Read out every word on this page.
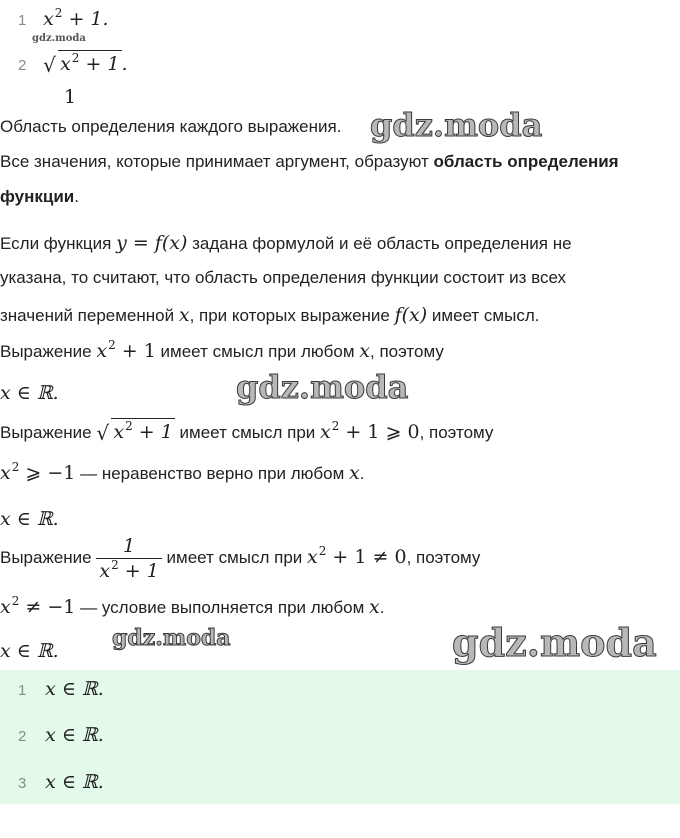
1 $x^2 + 1$.
gdz.moda
2 √ $x^2 + 1$ .
1
Область определения каждого выражения. gdz.moda
Все значения, которые принимает аргумент, образуют область определения
функции.
Если функция y = f(x) задана формулой и её область определения не
указана, то считают, что область определения функции состоит из всех
значений переменной x, при которых выражение f(x) имеет смысл.
Выражение $x^2 + 1$ имеет смысл при любом x, поэтому
x ∈ ℝ.	gdz.moda
Выражение √ $x^2 + 1$ имеет смысл при $x^2 + 1$ ⩾ 0, поэтому
$x^2$ ⩾ −1 — неравенство верно при любом x.
x ∈ ℝ.
Выражение $\frac{1}{x^2 + 1}$ имеет смысл при $x^2 + 1 \ne 0$, поэтому
$x^2 \ne -1$ — условие выполняется при любом x.
x ∈ ℝ. gdz.moda	gdz.moda
1 x ∈ ℝ.
2 x ∈ ℝ.
3 x ∈ ℝ.
